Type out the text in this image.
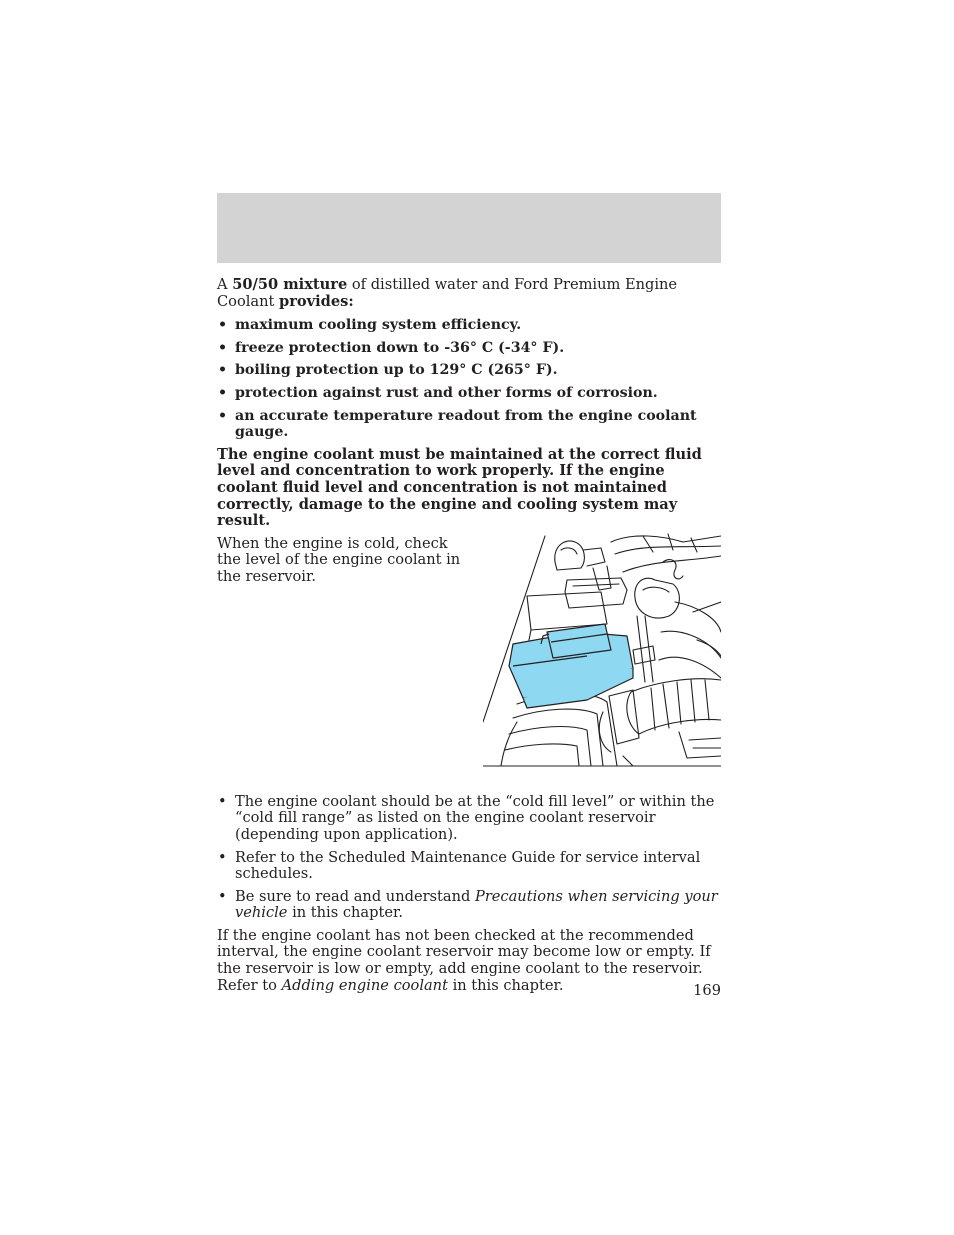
A 50/50 mixture of distilled water and Ford Premium Engine Coolant provides:

• maximum cooling system efficiency.
• freeze protection down to -36° C (-34° F).
• boiling protection up to 129° C (265° F).
• protection against rust and other forms of corrosion.
• an accurate temperature readout from the engine coolant gauge.

The engine coolant must be maintained at the correct fluid level and concentration to work properly. If the engine coolant fluid level and concentration is not maintained correctly, damage to the engine and cooling system may result.

When the engine is cold, check the level of the engine coolant in the reservoir.

• The engine coolant should be at the “cold fill level” or within the “cold fill range” as listed on the engine coolant reservoir (depending upon application).
• Refer to the Scheduled Maintenance Guide for service interval schedules.
• Be sure to read and understand Precautions when servicing your vehicle in this chapter.

If the engine coolant has not been checked at the recommended interval, the engine coolant reservoir may become low or empty. If the reservoir is low or empty, add engine coolant to the reservoir. Refer to Adding engine coolant in this chapter.	169
